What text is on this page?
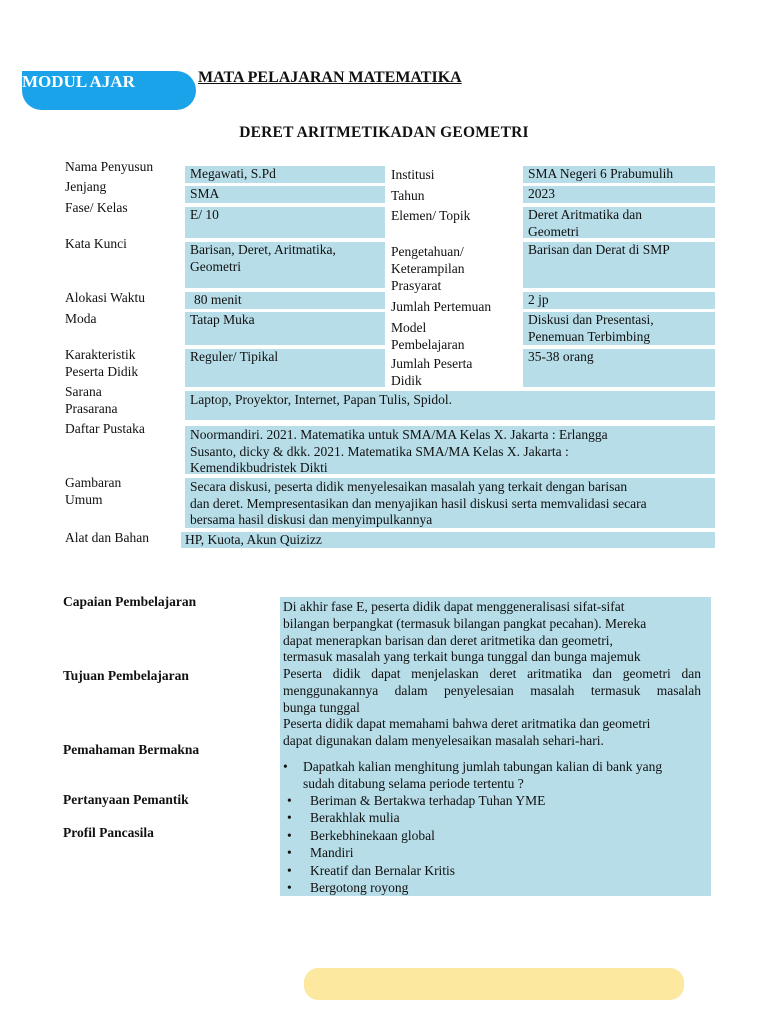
MODUL AJAR	MATA PELAJARAN MATEMATIKA
DERET ARITMETIKADAN GEOMETRI
Nama Penyusun
Jenjang
Fase/ Kelas
Kata Kunci
Alokasi Waktu
Moda
Karakteristik
Peserta Didik
Sarana
Prasarana
Daftar Pustaka
Gambaran
Umum
Alat dan Bahan
Megawati, S.Pd
SMA
E/ 10
Barisan, Deret, Aritmatika,
Geometri
80 menit
Tatap Muka
Reguler/ Tipikal
Institusi
Tahun
Elemen/ Topik
Pengetahuan/
Keterampilan
Prasyarat
Jumlah Pertemuan
Model
Pembelajaran
Jumlah Peserta
Didik
SMA Negeri 6 Prabumulih
2023
Deret Aritmatika dan
Geometri
Barisan dan Derat di SMP
2 jp
Diskusi dan Presentasi,
Penemuan Terbimbing
35-38 orang
Laptop, Proyektor, Internet, Papan Tulis, Spidol.
Noormandiri. 2021. Matematika untuk SMA/MA Kelas X. Jakarta : Erlangga
Susanto, dicky & dkk. 2021. Matematika SMA/MA Kelas X. Jakarta :
Kemendikbudristek Dikti
Secara diskusi, peserta didik menyelesaikan masalah yang terkait dengan barisan
dan deret. Mempresentasikan dan menyajikan hasil diskusi serta memvalidasi secara
bersama hasil diskusi dan menyimpulkannya
HP, Kuota, Akun Quizizz
Capaian Pembelajaran
Tujuan Pembelajaran
Pemahaman Bermakna
Pertanyaan Pemantik
Profil Pancasila
Di akhir fase E, peserta didik dapat menggeneralisasi sifat-sifat
bilangan berpangkat (termasuk bilangan pangkat pecahan). Mereka
dapat menerapkan barisan dan deret aritmetika dan geometri,
termasuk masalah yang terkait bunga tunggal dan bunga majemuk
Peserta didik dapat menjelaskan deret aritmatika dan geometri dan
menggunakannya dalam penyelesaian masalah termasuk masalah
bunga tunggal
Peserta didik dapat memahami bahwa deret aritmatika dan geometri
dapat digunakan dalam menyelesaikan masalah sehari-hari.
• Dapatkah kalian menghitung jumlah tabungan kalian di bank yang
sudah ditabung selama periode tertentu ?
• Beriman & Bertakwa terhadap Tuhan YME
• Berakhlak mulia
• Berkebhinekaan global
• Mandiri
• Kreatif dan Bernalar Kritis
• Bergotong royong
